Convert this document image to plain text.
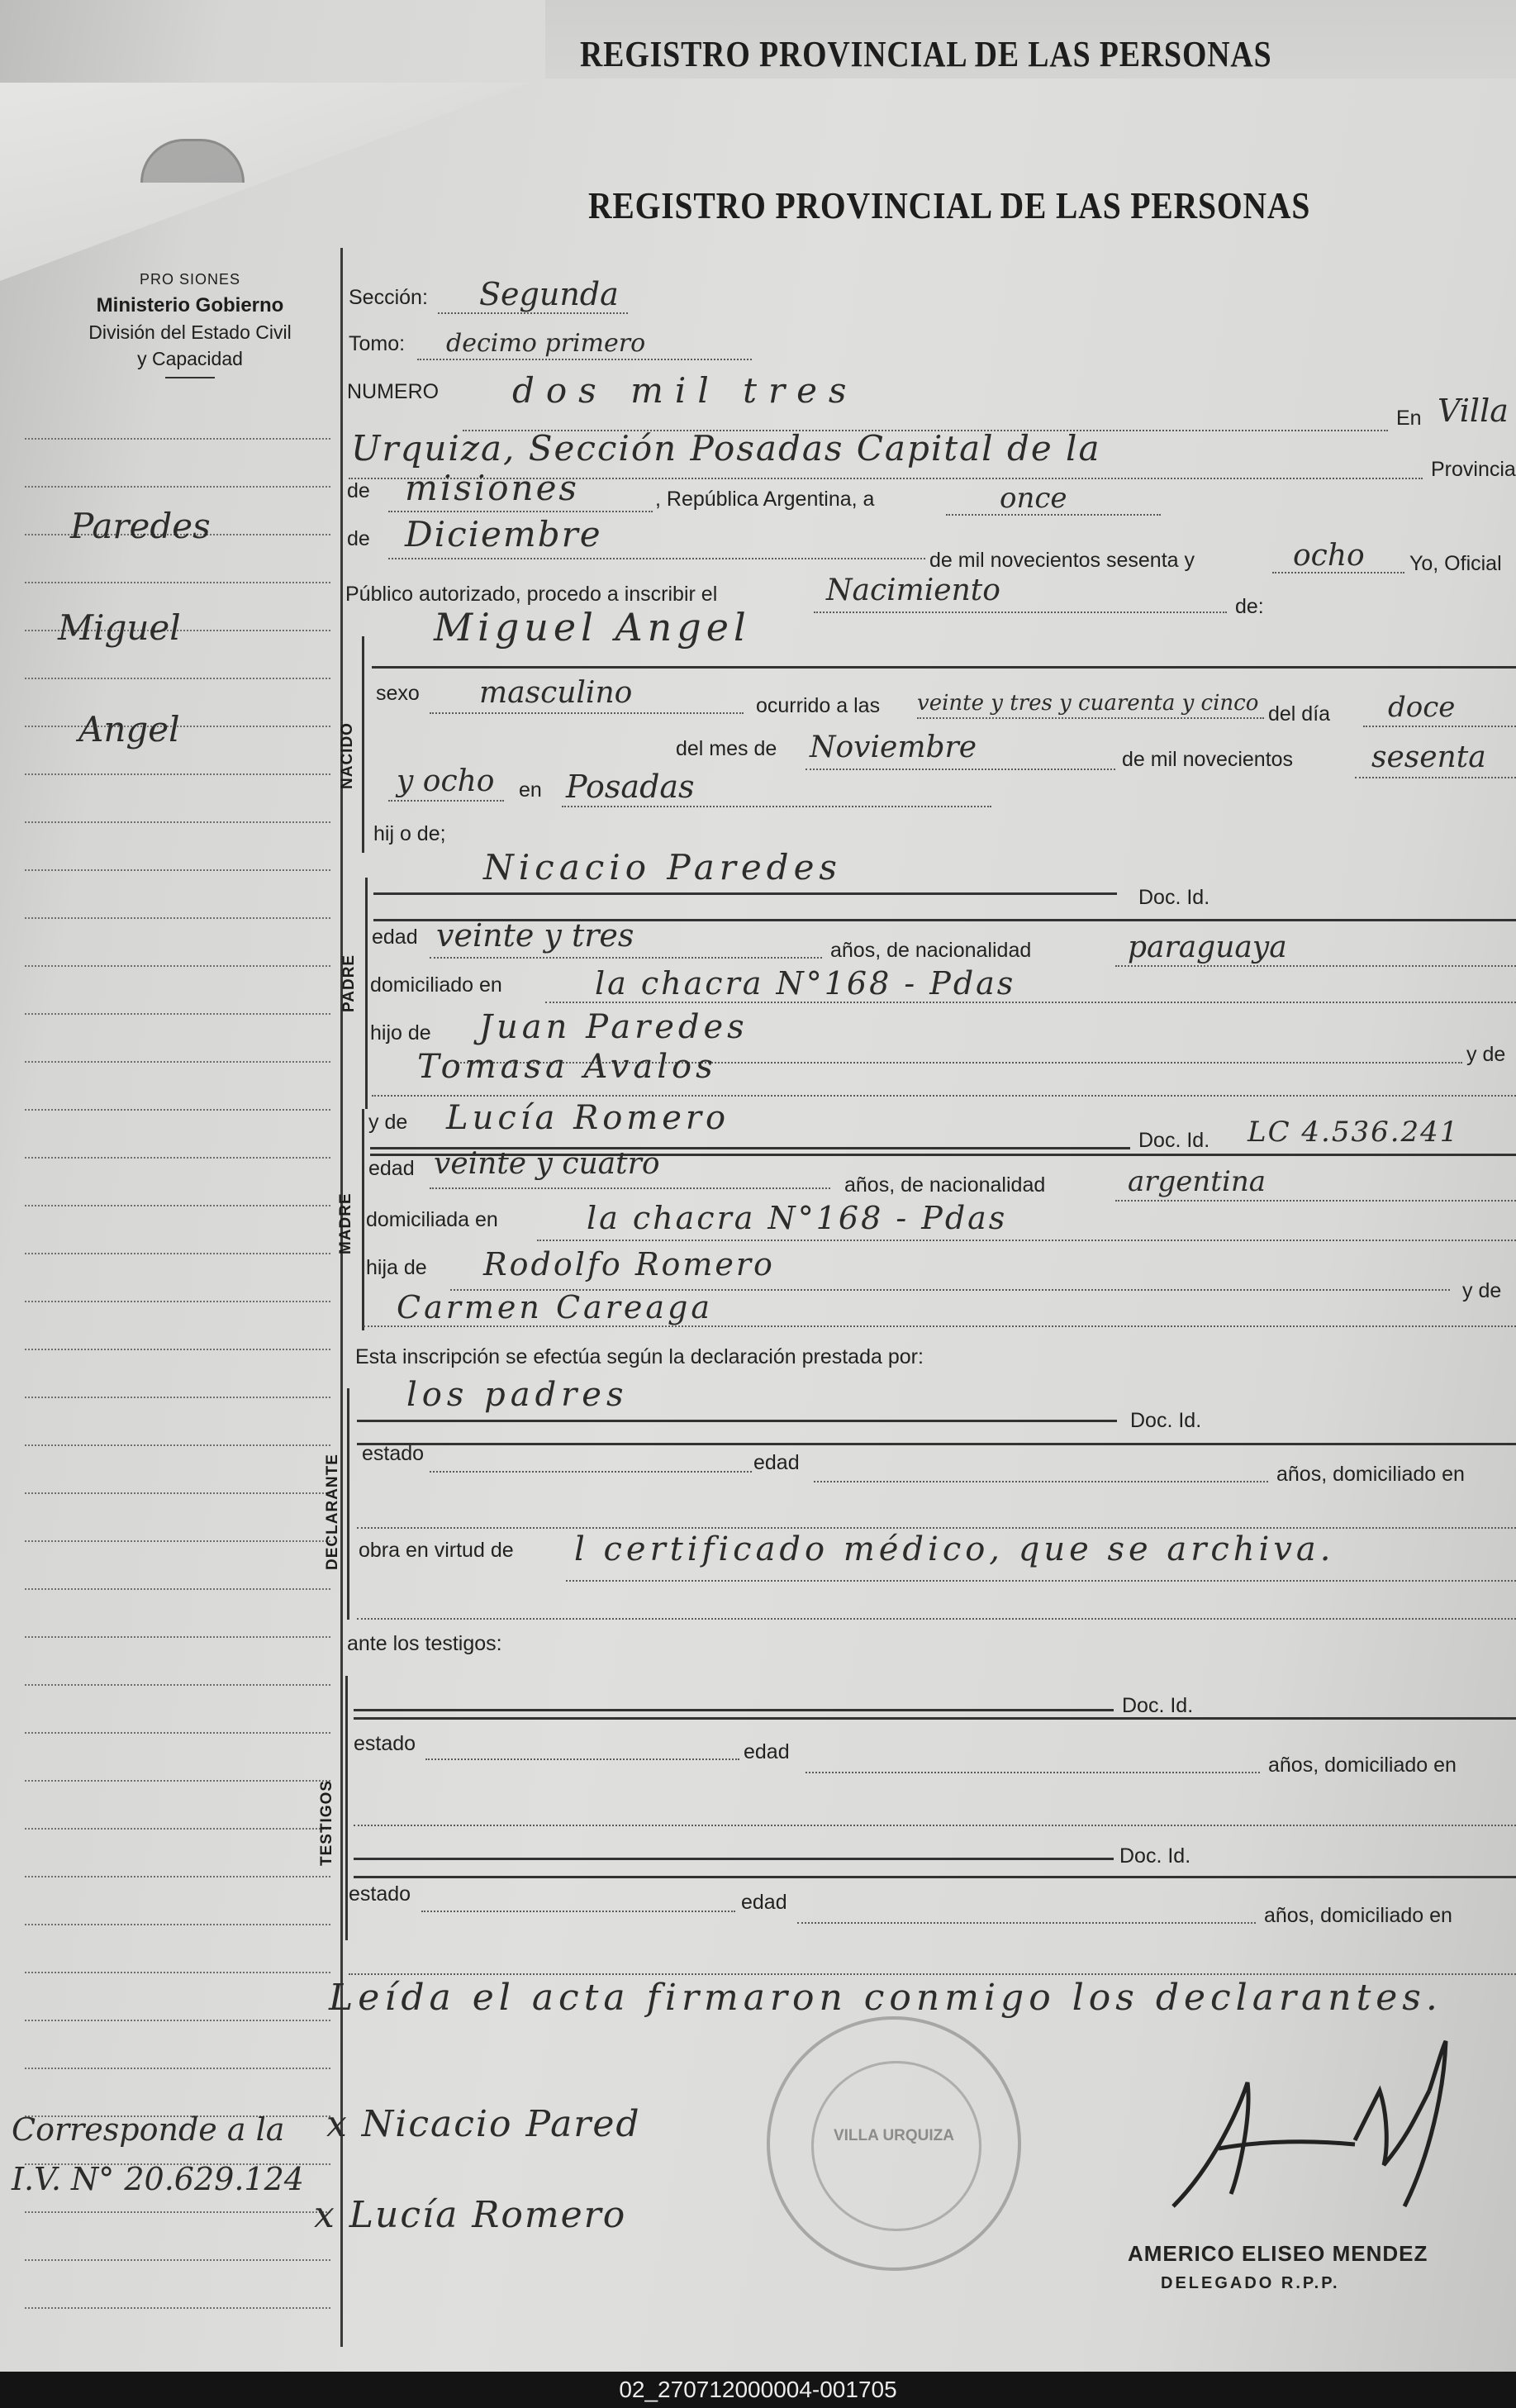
REGISTRO PROVINCIAL DE LAS PERSONAS
REGISTRO PROVINCIAL DE LAS PERSONAS
PRO SIONES
Ministerio Gobierno
División del Estado Civil
y Capacidad
Paredes
Miguel
Angel
Corresponde a la
I.V. N° 20.629.124
Sección: Segunda
Tomo: decimo primero
NUMERO dos mil tres
En Villa
Urquiza, Sección Posadas Capital de la
Provincia
de misiones	, República Argentina, a	once
de Diciembre
de mil novecientos sesenta y	ocho Yo, Oficial
Público autorizado, procedo a inscribir el	Nacimiento	de:
NACIDO
Miguel Angel
sexo masculino	ocurrido a las veinte y tres y cuarenta y cinco del día doce
del mes de Noviembre	de mil novecientos	sesenta
y ocho en Posadas
hij o de;
PADRE
Nicacio Paredes
Doc. Id.
edad veinte y tres	años, de nacionalidad	paraguaya
domiciliado en	la chacra N°168 - Pdas
hijo de Juan Paredes
y de
Tomasa Avalos
MADRE
y de Lucía Romero
Doc. Id. LC 4.536.241
edad veinte y cuatro
años, de nacionalidad	argentina
domiciliada en	la chacra N°168 - Pdas
hija de Rodolfo Romero
y de
Carmen Careaga
Esta inscripción se efectúa según la declaración prestada por:
DECLARANTE
los padres
Doc. Id.
estado	edad	años, domiciliado en
obra en virtud de l certificado médico, que se archiva.
ante los testigos:
TESTIGOS
Doc. Id.
estado	edad
años, domiciliado en
Doc. Id.
estado	edad
años, domiciliado en
Leída el acta firmaron conmigo los declarantes.
VILLA URQUIZA
x Nicacio Pared
x Lucía Romero
AMERICO ELISEO MENDEZ
DELEGADO R.P.P.
02_270712000004-001705
